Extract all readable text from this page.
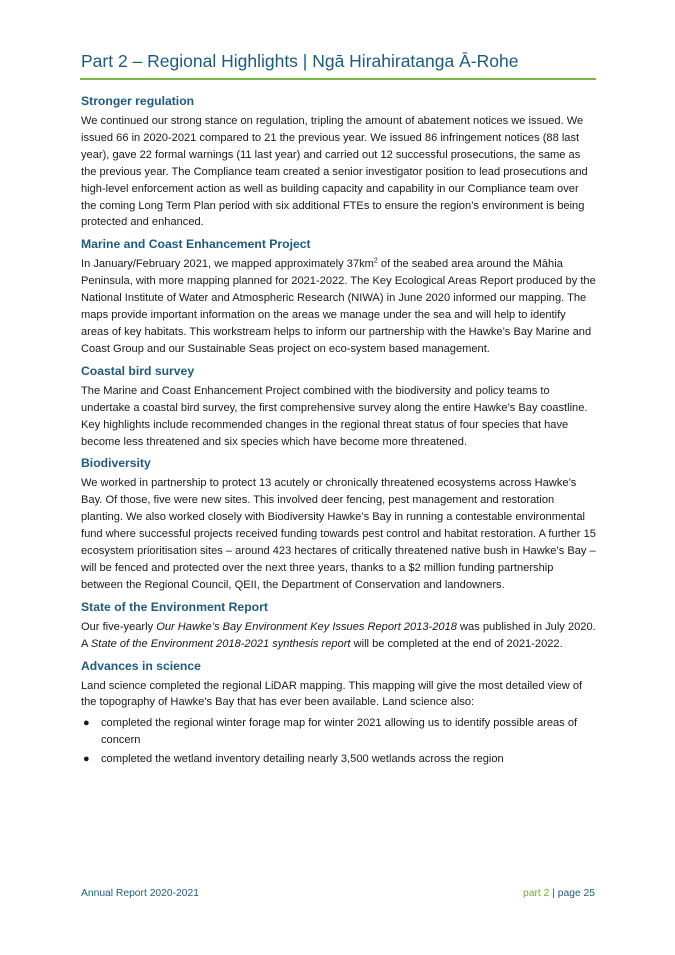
Part 2 – Regional Highlights | Ngā Hirahiratanga Ā-Rohe
Stronger regulation

We continued our strong stance on regulation, tripling the amount of abatement notices we issued. We issued 66 in 2020-2021 compared to 21 the previous year. We issued 86 infringement notices (88 last year), gave 22 formal warnings (11 last year) and carried out 12 successful prosecutions, the same as the previous year. The Compliance team created a senior investigator position to lead prosecutions and high-level enforcement action as well as building capacity and capability in our Compliance team over the coming Long Term Plan period with six additional FTEs to ensure the region’s environment is being protected and enhanced.

Marine and Coast Enhancement Project

In January/February 2021, we mapped approximately $37km^2$ of the seabed area around the Māhia Peninsula, with more mapping planned for 2021-2022. The Key Ecological Areas Report produced by the National Institute of Water and Atmospheric Research (NIWA) in June 2020 informed our mapping. The maps provide important information on the areas we manage under the sea and will help to identify areas of key habitats. This workstream helps to inform our partnership with the Hawke’s Bay Marine and Coast Group and our Sustainable Seas project on eco-system based management.

Coastal bird survey

The Marine and Coast Enhancement Project combined with the biodiversity and policy teams to undertake a coastal bird survey, the first comprehensive survey along the entire Hawke’s Bay coastline. Key highlights include recommended changes in the regional threat status of four species that have become less threatened and six species which have become more threatened.

Biodiversity

We worked in partnership to protect 13 acutely or chronically threatened ecosystems across Hawke’s Bay. Of those, five were new sites. This involved deer fencing, pest management and restoration planting. We also worked closely with Biodiversity Hawke’s Bay in running a contestable environmental fund where successful projects received funding towards pest control and habitat restoration. A further 15 ecosystem prioritisation sites – around 423 hectares of critically threatened native bush in Hawke’s Bay – will be fenced and protected over the next three years, thanks to a $2 million funding partnership between the Regional Council, QEII, the Department of Conservation and landowners.

State of the Environment Report

Our five-yearly Our Hawke’s Bay Environment Key Issues Report 2013-2018 was published in July 2020. A State of the Environment 2018-2021 synthesis report will be completed at the end of 2021-2022.

Advances in science

Land science completed the regional LiDAR mapping. This mapping will give the most detailed view of the topography of Hawke's Bay that has ever been available. Land science also:

● completed the regional winter forage map for winter 2021 allowing us to identify possible areas of concern
● completed the wetland inventory detailing nearly 3,500 wetlands across the region
Annual Report 2020-2021	part 2 | page 25
